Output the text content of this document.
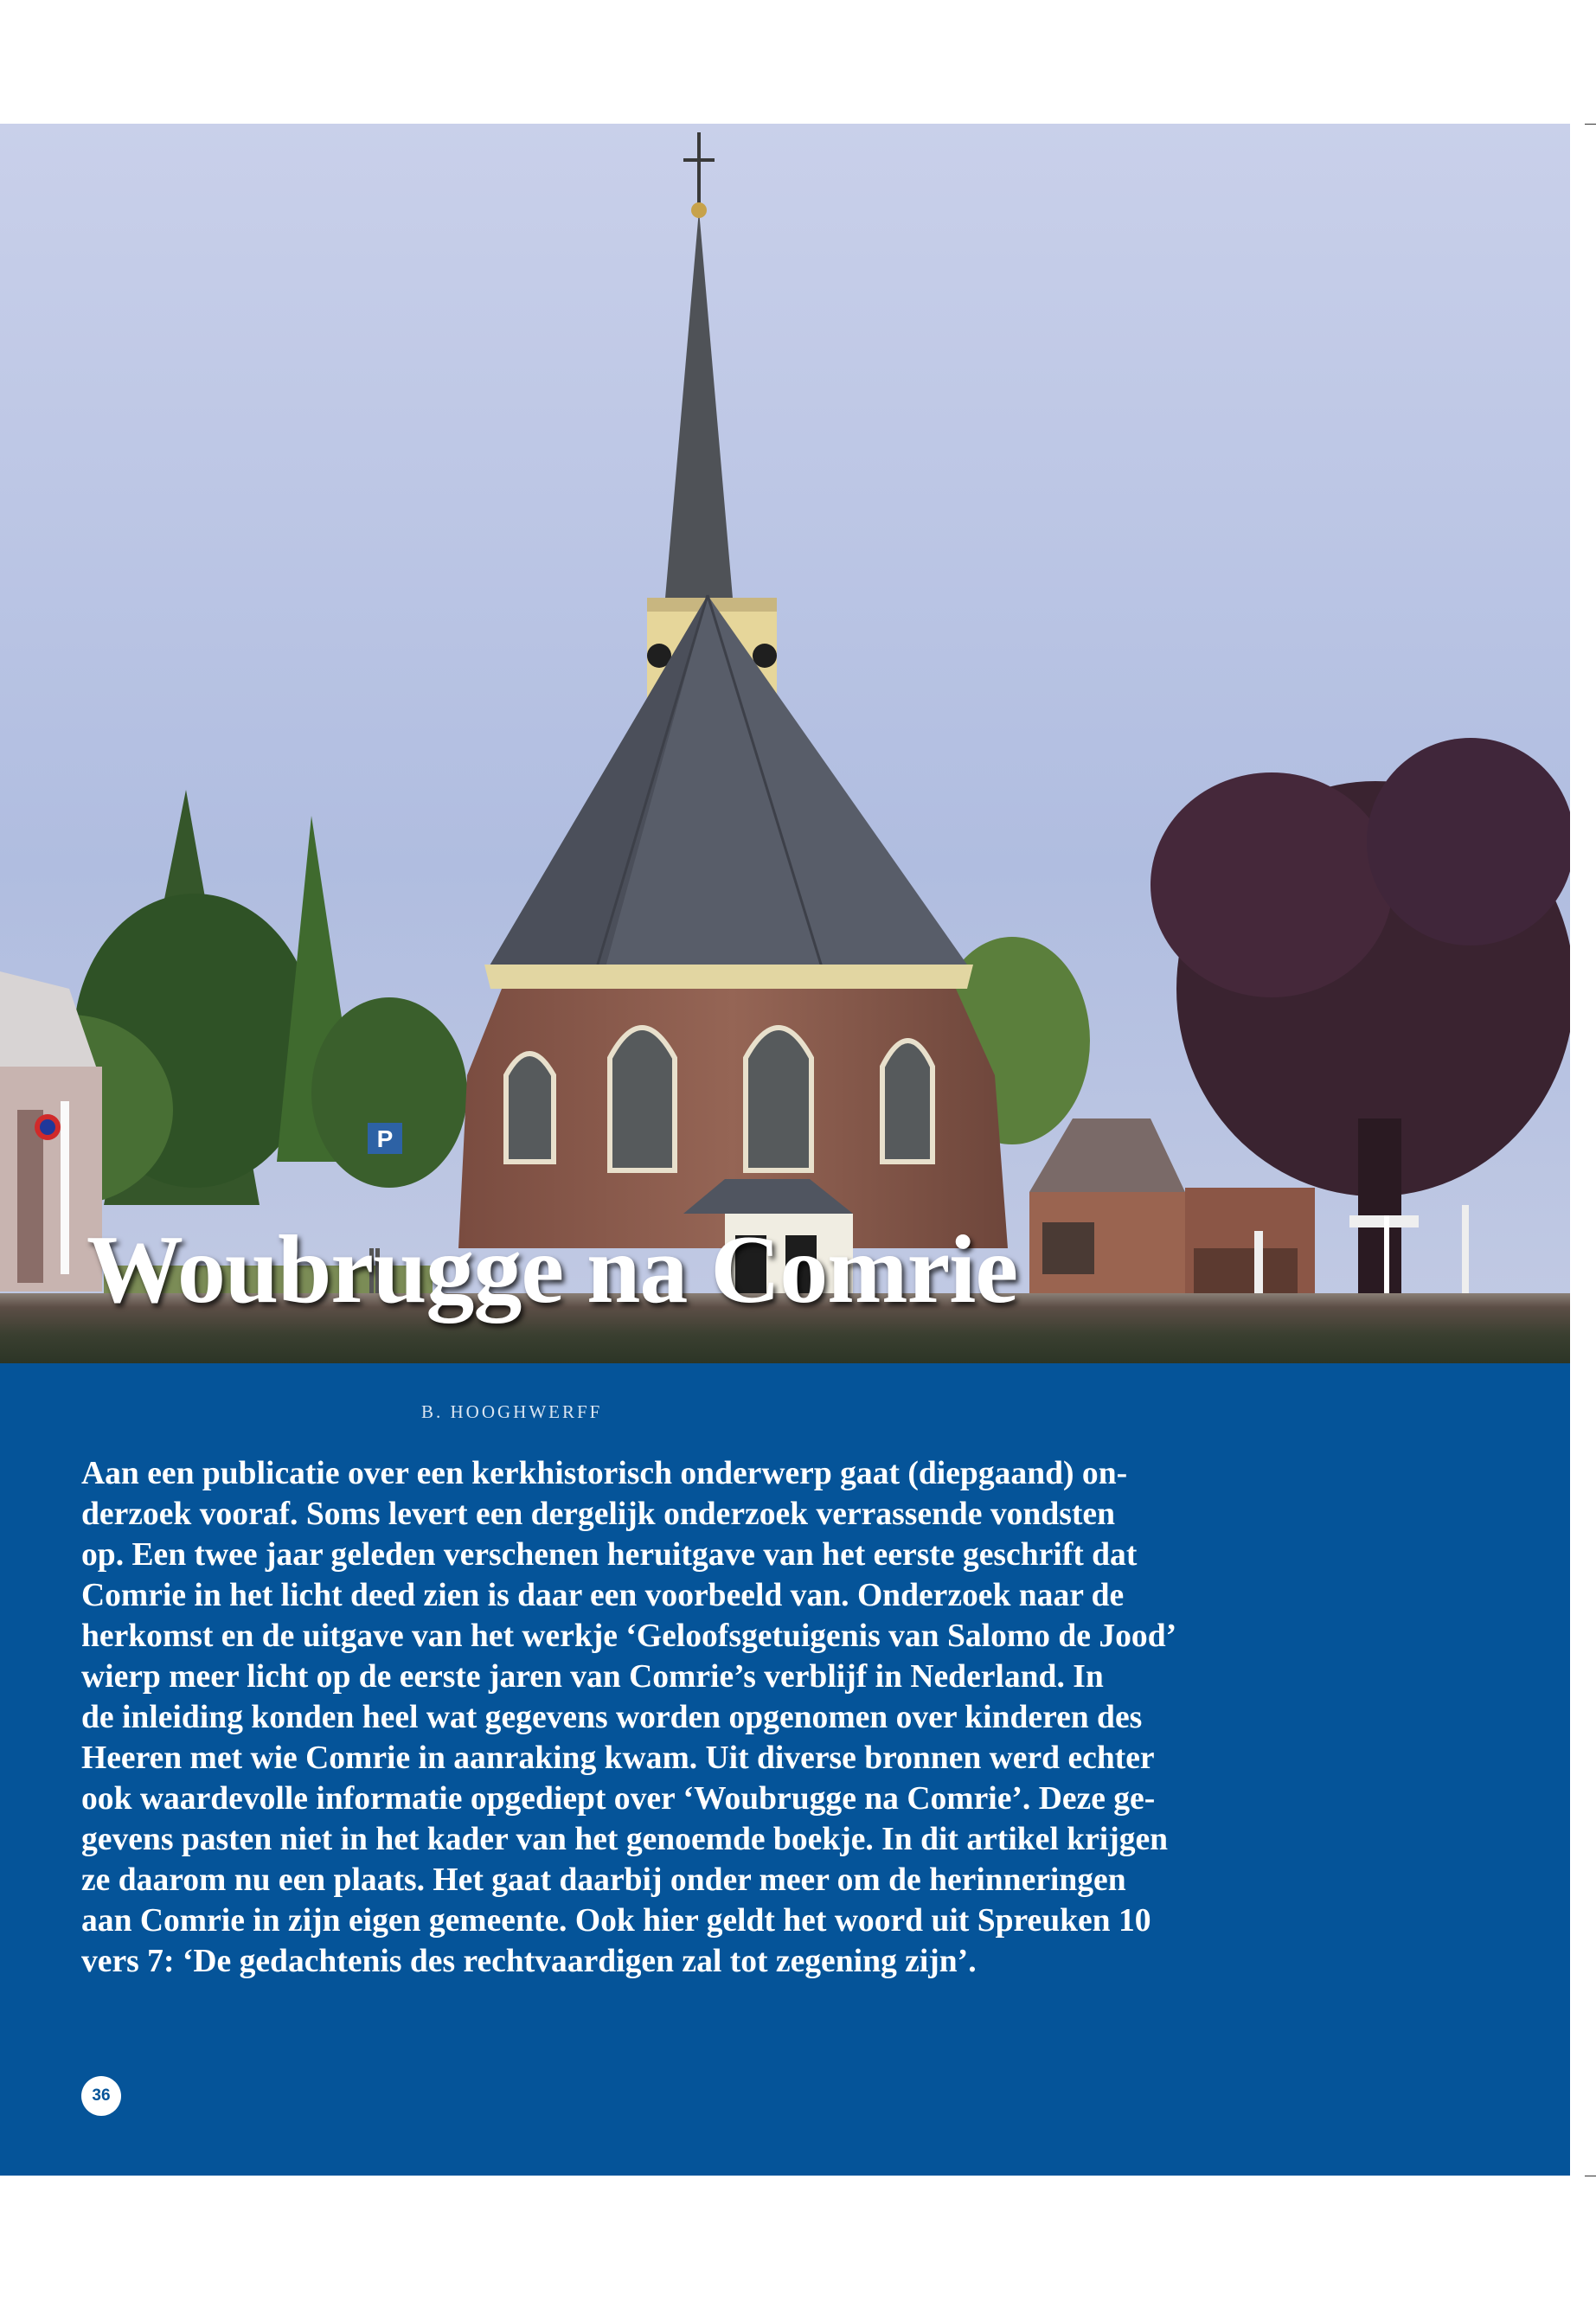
P
Woubrugge na Comrie

B. HOOGHWERFF

Aan een publicatie over een kerkhistorisch onderwerp gaat (diepgaand) on-
derzoek vooraf. Soms levert een dergelijk onderzoek verrassende vondsten
op. Een twee jaar geleden verschenen heruitgave van het eerste geschrift dat
Comrie in het licht deed zien is daar een voorbeeld van. Onderzoek naar de
herkomst en de uitgave van het werkje ‘Geloofsgetuigenis van Salomo de Jood’
wierp meer licht op de eerste jaren van Comrie’s verblijf in Nederland. In
de inleiding konden heel wat gegevens worden opgenomen over kinderen des
Heeren met wie Comrie in aanraking kwam. Uit diverse bronnen werd echter
ook waardevolle informatie opgediept over ‘Woubrugge na Comrie’. Deze ge-
gevens pasten niet in het kader van het genoemde boekje. In dit artikel krijgen
ze daarom nu een plaats. Het gaat daarbij onder meer om de herinneringen
aan Comrie in zijn eigen gemeente. Ook hier geldt het woord uit Spreuken 10
vers 7: ‘De gedachtenis des rechtvaardigen zal tot zegening zijn’.

36
